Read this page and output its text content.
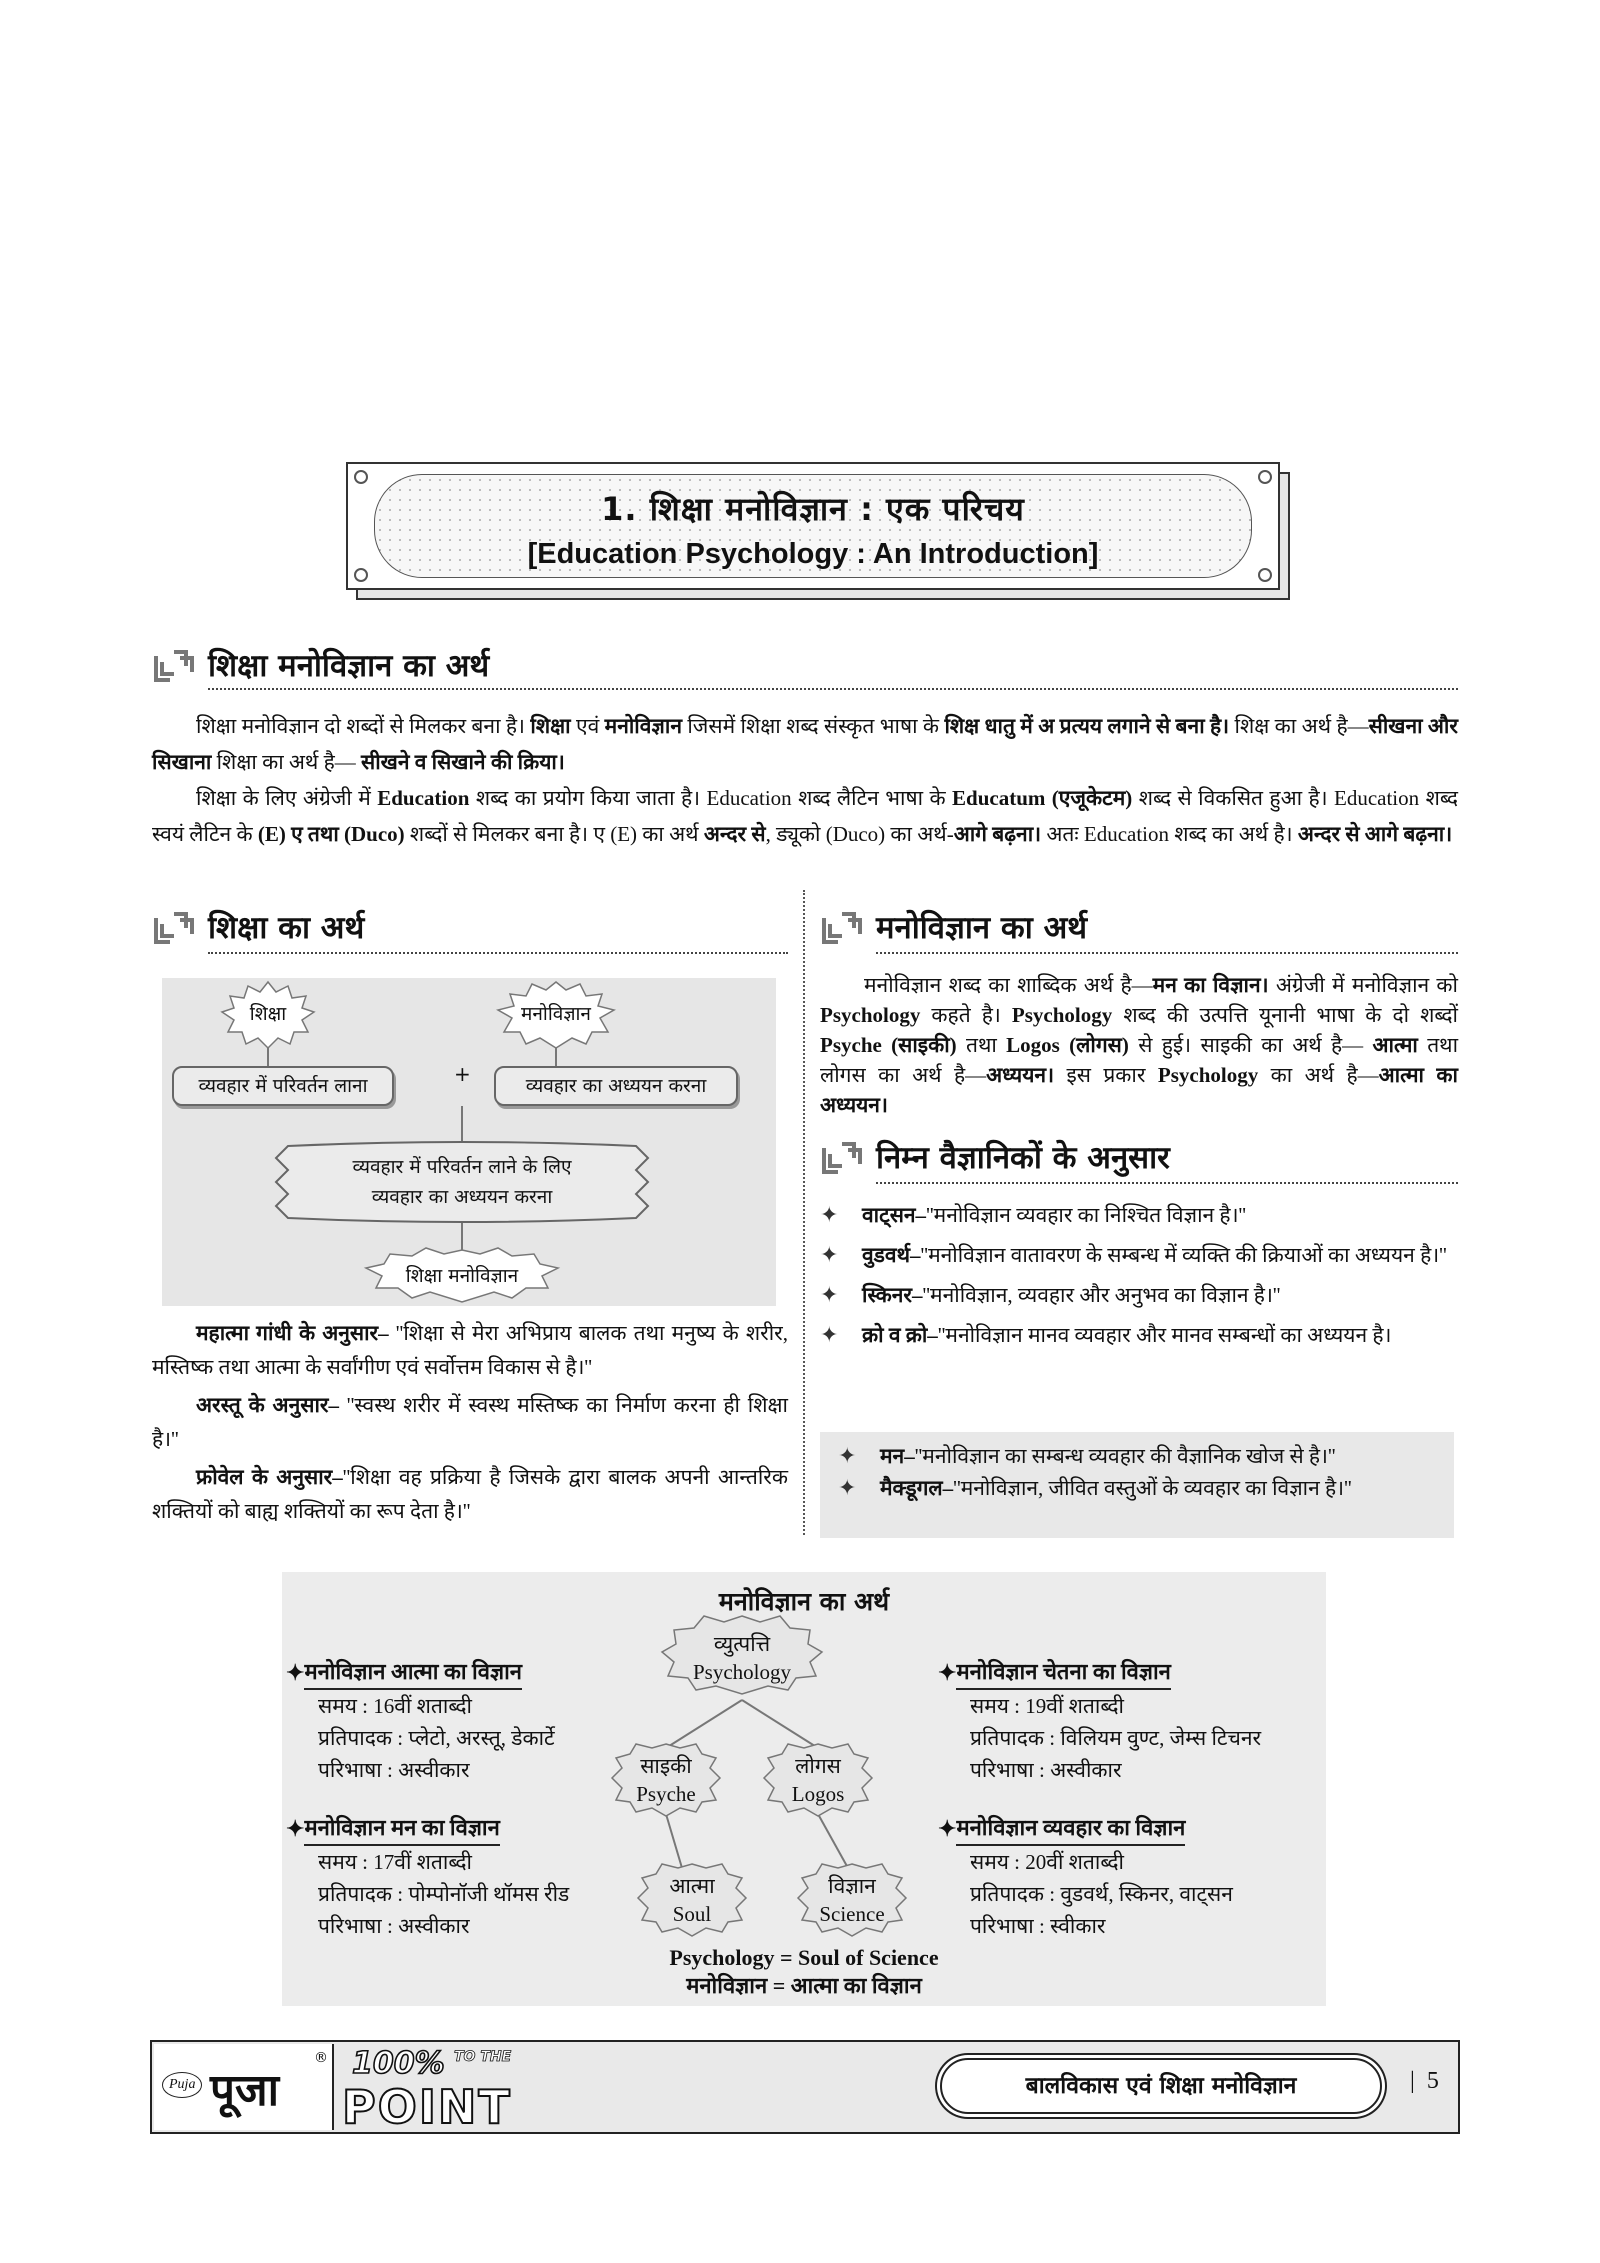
1. शिक्षा मनोविज्ञान : एक परिचय
[Education Psychology : An Introduction]
शिक्षा मनोविज्ञान का अर्थ
शिक्षा मनोविज्ञान दो शब्दों से मिलकर बना है। शिक्षा एवं मनोविज्ञान जिसमें शिक्षा शब्द संस्कृत भाषा के शिक्ष धातु में अ प्रत्यय लगाने से बना है। शिक्ष का अर्थ है—सीखना और सिखाना शिक्षा का अर्थ है— सीखने व सिखाने की क्रिया।
शिक्षा के लिए अंग्रेजी में Education शब्द का प्रयोग किया जाता है। Education शब्द लैटिन भाषा के Educatum (एजूकेटम) शब्द से विकसित हुआ है। Education शब्द स्वयं लैटिन के (E) ए तथा (Duco) शब्दों से मिलकर बना है। ए (E) का अर्थ अन्दर से, ड्यूको (Duco) का अर्थ-आगे बढ़ना। अतः Education शब्द का अर्थ है। अन्दर से आगे बढ़ना।
शिक्षा का अर्थ
शिक्षा	मनोविज्ञान
व्यवहार में परिवर्तन लाना	+	व्यवहार का अध्ययन करना
व्यवहार में परिवर्तन लाने के लिए
व्यवहार का अध्ययन करना
शिक्षा मनोविज्ञान
महात्मा गांधी के अनुसार– ''शिक्षा से मेरा अभिप्राय बालक तथा मनुष्य के शरीर, मस्तिष्क तथा आत्मा के सर्वांगीण एवं सर्वोत्तम विकास से है।''
अरस्तू के अनुसार– ''स्वस्थ शरीर में स्वस्थ मस्तिष्क का निर्माण करना ही शिक्षा है।''
फ्रोवेल के अनुसार–''शिक्षा वह प्रक्रिया है जिसके द्वारा बालक अपनी आन्तरिक शक्तियों को बाह्य शक्तियों का रूप देता है।''
मनोविज्ञान का अर्थ
मनोविज्ञान शब्द का शाब्दिक अर्थ है—मन का विज्ञान। अंग्रेजी में मनोविज्ञान को Psychology कहते है। Psychology शब्द की उत्पत्ति यूनानी भाषा के दो शब्दों Psyche (साइकी) तथा Logos (लोगस) से हुई। साइकी का अर्थ है— आत्मा तथा लोगस का अर्थ है—अध्ययन। इस प्रकार Psychology का अर्थ है—आत्मा का अध्ययन।
निम्न वैज्ञानिकों के अनुसार
✦ वाट्सन–''मनोविज्ञान व्यवहार का निश्चित विज्ञान है।''
✦ वुडवर्थ–''मनोविज्ञान वातावरण के सम्बन्ध में व्यक्ति की क्रियाओं का अध्ययन है।''
✦ स्किनर–''मनोविज्ञान, व्यवहार और अनुभव का विज्ञान है।''
✦ क्रो व क्रो–''मनोविज्ञान मानव व्यवहार और मानव सम्बन्धों का अध्ययन है।
✦ मन–''मनोविज्ञान का सम्बन्ध व्यवहार की वैज्ञानिक खोज से है।''
✦ मैक्डूगल–''मनोविज्ञान, जीवित वस्तुओं के व्यवहार का विज्ञान है।''
मनोविज्ञान का अर्थ
व्युत्पत्ति
Psychology
साइकी
Psyche
लोगस
Logos
आत्मा
Soul
विज्ञान
Science
✦ मनोविज्ञान आत्मा का विज्ञान
समय : 16वीं शताब्दी
प्रतिपादक : प्लेटो, अरस्तू, डेकार्टे
परिभाषा : अस्वीकार
✦ मनोविज्ञान मन का विज्ञान
समय : 17वीं शताब्दी
प्रतिपादक : पोम्पोनॉजी थॉमस रीड
परिभाषा : अस्वीकार
✦ मनोविज्ञान चेतना का विज्ञान
समय : 19वीं शताब्दी
प्रतिपादक : विलियम वुण्ट, जेम्स टिचनर
परिभाषा : अस्वीकार
✦ मनोविज्ञान व्यवहार का विज्ञान
समय : 20वीं शताब्दी
प्रतिपादक : वुडवर्थ, स्किनर, वाट्सन
परिभाषा : स्वीकार
Psychology = Soul of Science
मनोविज्ञान = आत्मा का विज्ञान
Puja पूजा
® 100% TO THE
POINT	बालविकास एवं शिक्षा मनोविज्ञान	| 5
